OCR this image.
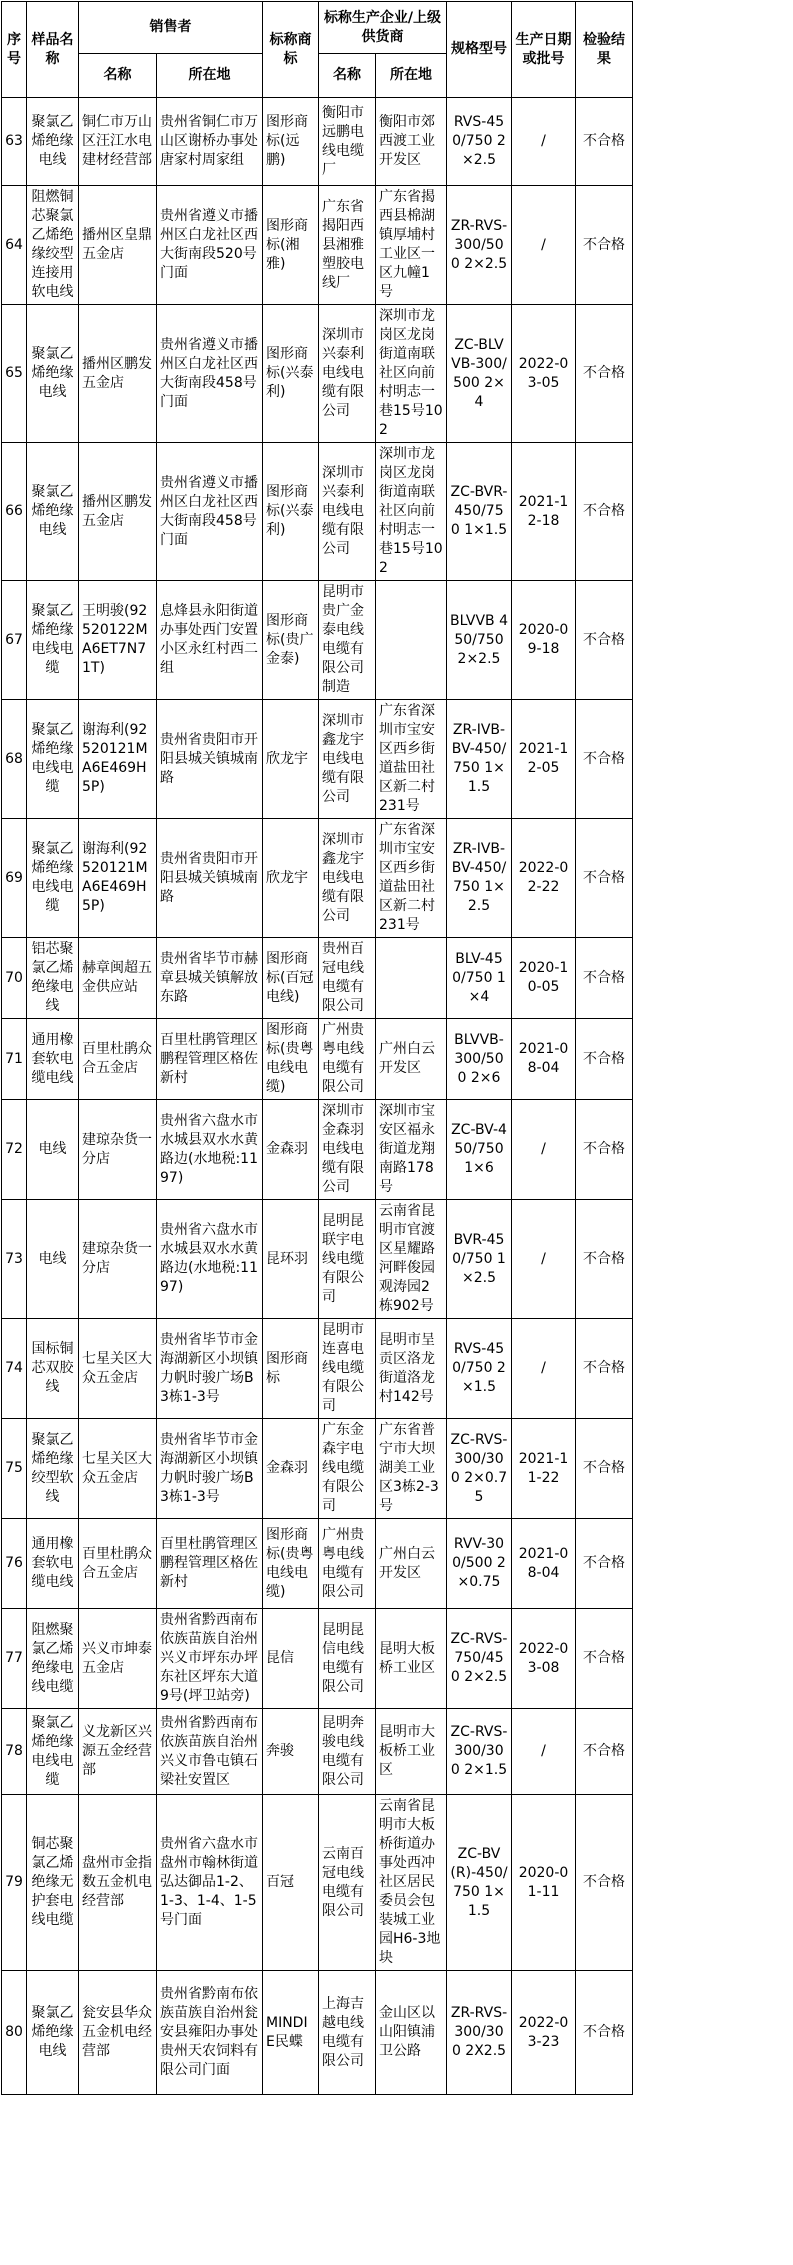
序号	样品名称	销售者		标称商标	标称生产企业/上级供货商		规格型号	生产日期或批号	检验结果
		名称	所在地		名称	所在地			
63	聚氯乙烯绝缘电线	铜仁市万山区汪江水电建材经营部	贵州省铜仁市万山区谢桥办事处唐家村周家组	图形商标(远鹏)	衡阳市远鹏电线电缆厂	衡阳市郊西渡工业开发区	RVS-450/750 2×2.5	/	不合格
64	阻燃铜芯聚氯乙烯绝缘绞型连接用软电线	播州区皇鼎五金店	贵州省遵义市播州区白龙社区西大街南段520号门面	图形商标(湘雅)	广东省揭阳西县湘雅塑胶电线厂	广东省揭西县棉湖镇厚埔村工业区一区九幢1号	ZR-RVS-300/500 2×2.5	/	不合格
65	聚氯乙烯绝缘电线	播州区鹏发五金店	贵州省遵义市播州区白龙社区西大街南段458号门面	图形商标(兴泰利)	深圳市兴泰利电线电缆有限公司	深圳市龙岗区龙岗街道南联社区向前村明志一巷15号102	ZC-BLVVB-300/500 2×4	2022-03-05	不合格
66	聚氯乙烯绝缘电线	播州区鹏发五金店	贵州省遵义市播州区白龙社区西大街南段458号门面	图形商标(兴泰利)	深圳市兴泰利电线电缆有限公司	深圳市龙岗区龙岗街道南联社区向前村明志一巷15号102	ZC-BVR-450/750 1×1.5	2021-12-18	不合格
67	聚氯乙烯绝缘电线电缆	王明骏(92520122MA6ET7N71T)	息烽县永阳街道办事处西门安置小区永红村西二组	图形商标(贵广金泰)	昆明市贵广金泰电线电缆有限公司制造		BLVVB 450/750 2×2.5	2020-09-18	不合格
68	聚氯乙烯绝缘电线电缆	谢海利(92520121MA6E469H5P)	贵州省贵阳市开阳县城关镇城南路	欣龙宇	深圳市鑫龙宇电线电缆有限公司	广东省深圳市宝安区西乡街道盐田社区新二村231号	ZR-IVB-BV-450/750 1×1.5	2021-12-05	不合格
69	聚氯乙烯绝缘电线电缆	谢海利(92520121MA6E469H5P)	贵州省贵阳市开阳县城关镇城南路	欣龙宇	深圳市鑫龙宇电线电缆有限公司	广东省深圳市宝安区西乡街道盐田社区新二村231号	ZR-IVB-BV-450/750 1×2.5	2022-02-22	不合格
70	铝芯聚氯乙烯绝缘电线	赫章闽超五金供应站	贵州省毕节市赫章县城关镇解放东路	图形商标(百冠电线)	贵州百冠电线电缆有限公司		BLV-450/750 1×4	2020-10-05	不合格
71	通用橡套软电缆电线	百里杜鹃众合五金店	百里杜鹃管理区鹏程管理区格佐新村	图形商标(贵粤电线电缆)	广州贵粤电线电缆有限公司	广州白云开发区	BLVVB-300/500 2×6	2021-08-04	不合格
72	电线	建琼杂货一分店	贵州省六盘水市水城县双水水黄路边(水地税:1197)	金森羽	深圳市金森羽电线电缆有限公司	深圳市宝安区福永街道龙翔南路178号	ZC-BV-450/750 1×6	/	不合格
73	电线	建琼杂货一分店	贵州省六盘水市水城县双水水黄路边(水地税:1197)	昆环羽	昆明昆联宇电线电缆有限公司	云南省昆明市官渡区星耀路河畔俊园观涛园2栋902号	BVR-450/750 1×2.5	/	不合格
74	国标铜芯双胶线	七星关区大众五金店	贵州省毕节市金海湖新区小坝镇力帆时骏广场B3栋1-3号	图形商标	昆明市连喜电线电缆有限公司	昆明市呈贡区洛龙街道洛龙村142号	RVS-450/750 2×1.5	/	不合格
75	聚氯乙烯绝缘绞型软线	七星关区大众五金店	贵州省毕节市金海湖新区小坝镇力帆时骏广场B3栋1-3号	金森羽	广东金森宇电线电缆有限公司	广东省普宁市大坝湖美工业区3栋2-3号	ZC-RVS-300/300 2×0.75	2021-11-22	不合格
76	通用橡套软电缆电线	百里杜鹃众合五金店	百里杜鹃管理区鹏程管理区格佐新村	图形商标(贵粤电线电缆)	广州贵粤电线电缆有限公司	广州白云开发区	RVV-300/500 2×0.75	2021-08-04	不合格
77	阻燃聚氯乙烯绝缘电线电缆	兴义市坤泰五金店	贵州省黔西南布依族苗族自治州兴义市坪东办坪东社区坪东大道9号(坪卫站旁)	昆信	昆明昆信电线电缆有限公司	昆明大板桥工业区	ZC-RVS-750/450 2×2.5	2022-03-08	不合格
78	聚氯乙烯绝缘电线电缆	义龙新区兴源五金经营部	贵州省黔西南布依族苗族自治州兴义市鲁屯镇石梁社安置区	奔骏	昆明奔骏电线电缆有限公司	昆明市大板桥工业区	ZC-RVS-300/300 2×1.5	/	不合格
79	铜芯聚氯乙烯绝缘无护套电线电缆	盘州市金指数五金机电经营部	贵州省六盘水市盘州市翰林街道弘达御品1-2、1-3、1-4、1-5号门面	百冠	云南百冠电线电缆有限公司	云南省昆明市大板桥街道办事处西冲社区居民委员会包装城工业园H6-3地块	ZC-BV(R)-450/750 1×1.5	2020-01-11	不合格
80	聚氯乙烯绝缘电线	瓮安县华众五金机电经营部	贵州省黔南布依族苗族自治州瓮安县雍阳办事处贵州天农饲料有限公司门面	MINDIE民蝶	上海吉越电线电缆有限公司	金山区以山阳镇浦卫公路	ZR-RVS-300/300 2X2.5	2022-03-23	不合格
